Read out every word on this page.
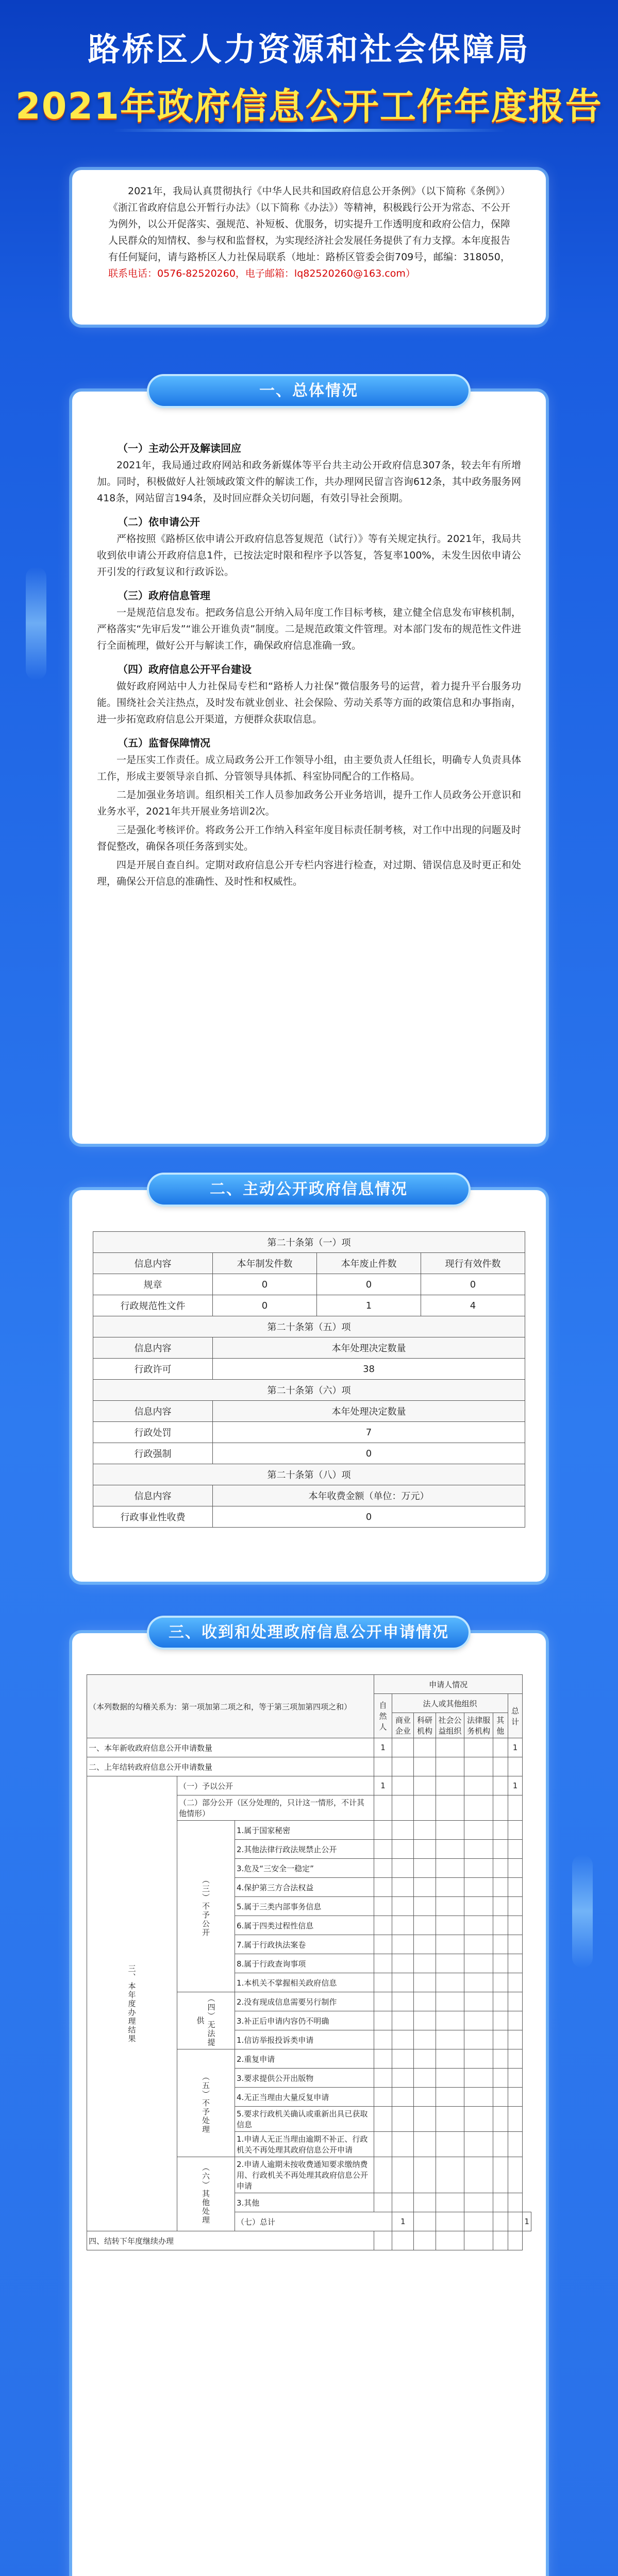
路桥区人力资源和社会保障局
2021年政府信息公开工作年度报告

2021年，我局认真贯彻执行《中华人民共和国政府信息公开条例》（以下简称《条例》）《浙江省政府信息公开暂行办法》（以下简称《办法》）等精神，积极践行公开为常态、不公开为例外，以公开促落实、强规范、补短板、优服务，切实提升工作透明度和政府公信力，保障人民群众的知情权、参与权和监督权，为实现经济社会发展任务提供了有力支撑。本年度报告有任何疑问，请与路桥区人力社保局联系（地址：路桥区管委会街709号，邮编：318050，联系电话：0576-82520260，电子邮箱：lq82520260@163.com）

（一）主动公开及解读回应

2021年，我局通过政府网站和政务新媒体等平台共主动公开政府信息307条，较去年有所增加。同时，积极做好人社领域政策文件的解读工作，共办理网民留言咨询612条，其中政务服务网418条，网站留言194条，及时回应群众关切问题，有效引导社会预期。

（二）依申请公开

严格按照《路桥区依申请公开政府信息答复规范（试行）》等有关规定执行。2021年，我局共收到依申请公开政府信息1件，已按法定时限和程序予以答复，答复率100%，未发生因依申请公开引发的行政复议和行政诉讼。

（三）政府信息管理

一是规范信息发布。把政务信息公开纳入局年度工作目标考核，建立健全信息发布审核机制，严格落实“先审后发”“谁公开谁负责”制度。二是规范政策文件管理。对本部门发布的规范性文件进行全面梳理，做好公开与解读工作，确保政府信息准确一致。

（四）政府信息公开平台建设

做好政府网站中人力社保局专栏和“路桥人力社保”微信服务号的运营，着力提升平台服务功能。围绕社会关注热点，及时发布就业创业、社会保险、劳动关系等方面的政策信息和办事指南，进一步拓宽政府信息公开渠道，方便群众获取信息。

（五）监督保障情况

一是压实工作责任。成立局政务公开工作领导小组，由主要负责人任组长，明确专人负责具体工作，形成主要领导亲自抓、分管领导具体抓、科室协同配合的工作格局。

二是加强业务培训。组织相关工作人员参加政务公开业务培训，提升工作人员政务公开意识和业务水平，2021年共开展业务培训2次。

三是强化考核评价。将政务公开工作纳入科室年度目标责任制考核，对工作中出现的问题及时督促整改，确保各项任务落到实处。

四是开展自查自纠。定期对政府信息公开专栏内容进行检查，对过期、错误信息及时更正和处理，确保公开信息的准确性、及时性和权威性。

一、总体情况
第二十条第（一）项			
信息内容	本年制发件数	本年废止件数	现行有效件数
规章	0	0	0
行政规范性文件	0	1	4
第二十条第（五）项			
信息内容	本年处理决定数量		
行政许可	38		
第二十条第（六）项			
信息内容	本年处理决定数量		
行政处罚	7		
行政强制	0		
第二十条第（八）项			
信息内容	本年收费金额（单位：万元）		
行政事业性收费	0		
二、主动公开政府信息情况
（本列数据的勾稽关系为：第一项加第二项之和，等于第三项加第四项之和）			申请人情况							
			自然人	法人或其他组织					总计	
				商业企业	科研机构	社会公益组织	法律服务机构	其他		
一、本年新收政府信息公开申请数量			1						1	
二、上年结转政府信息公开申请数量										
三、本年度办理结果	（一）予以公开		1						1	
	（二）部分公开（区分处理的，只计这一情形，不计其他情形）									
	（三）不予公开	1.属于国家秘密								
		2.其他法律行政法规禁止公开								
		3.危及“三安全一稳定”								
		4.保护第三方合法权益								
		5.属于三类内部事务信息								
		6.属于四类过程性信息								
		7.属于行政执法案卷								
		8.属于行政查询事项								
		1.本机关不掌握相关政府信息								
	（四）无法提供	2.没有现成信息需要另行制作								
		3.补正后申请内容仍不明确								
		1.信访举报投诉类申请								
	（五）不予处理	2.重复申请								
		3.要求提供公开出版物								
		4.无正当理由大量反复申请								
		5.要求行政机关确认或重新出具已获取信息								
		1.申请人无正当理由逾期不补正、行政机关不再处理其政府信息公开申请								
	（六）其他处理	2.申请人逾期未按收费通知要求缴纳费用、行政机关不再处理其政府信息公开申请								
		3.其他								
		（七）总计		1						1
四、结转下年度继续办理										
三、收到和处理政府信息公开申请情况
